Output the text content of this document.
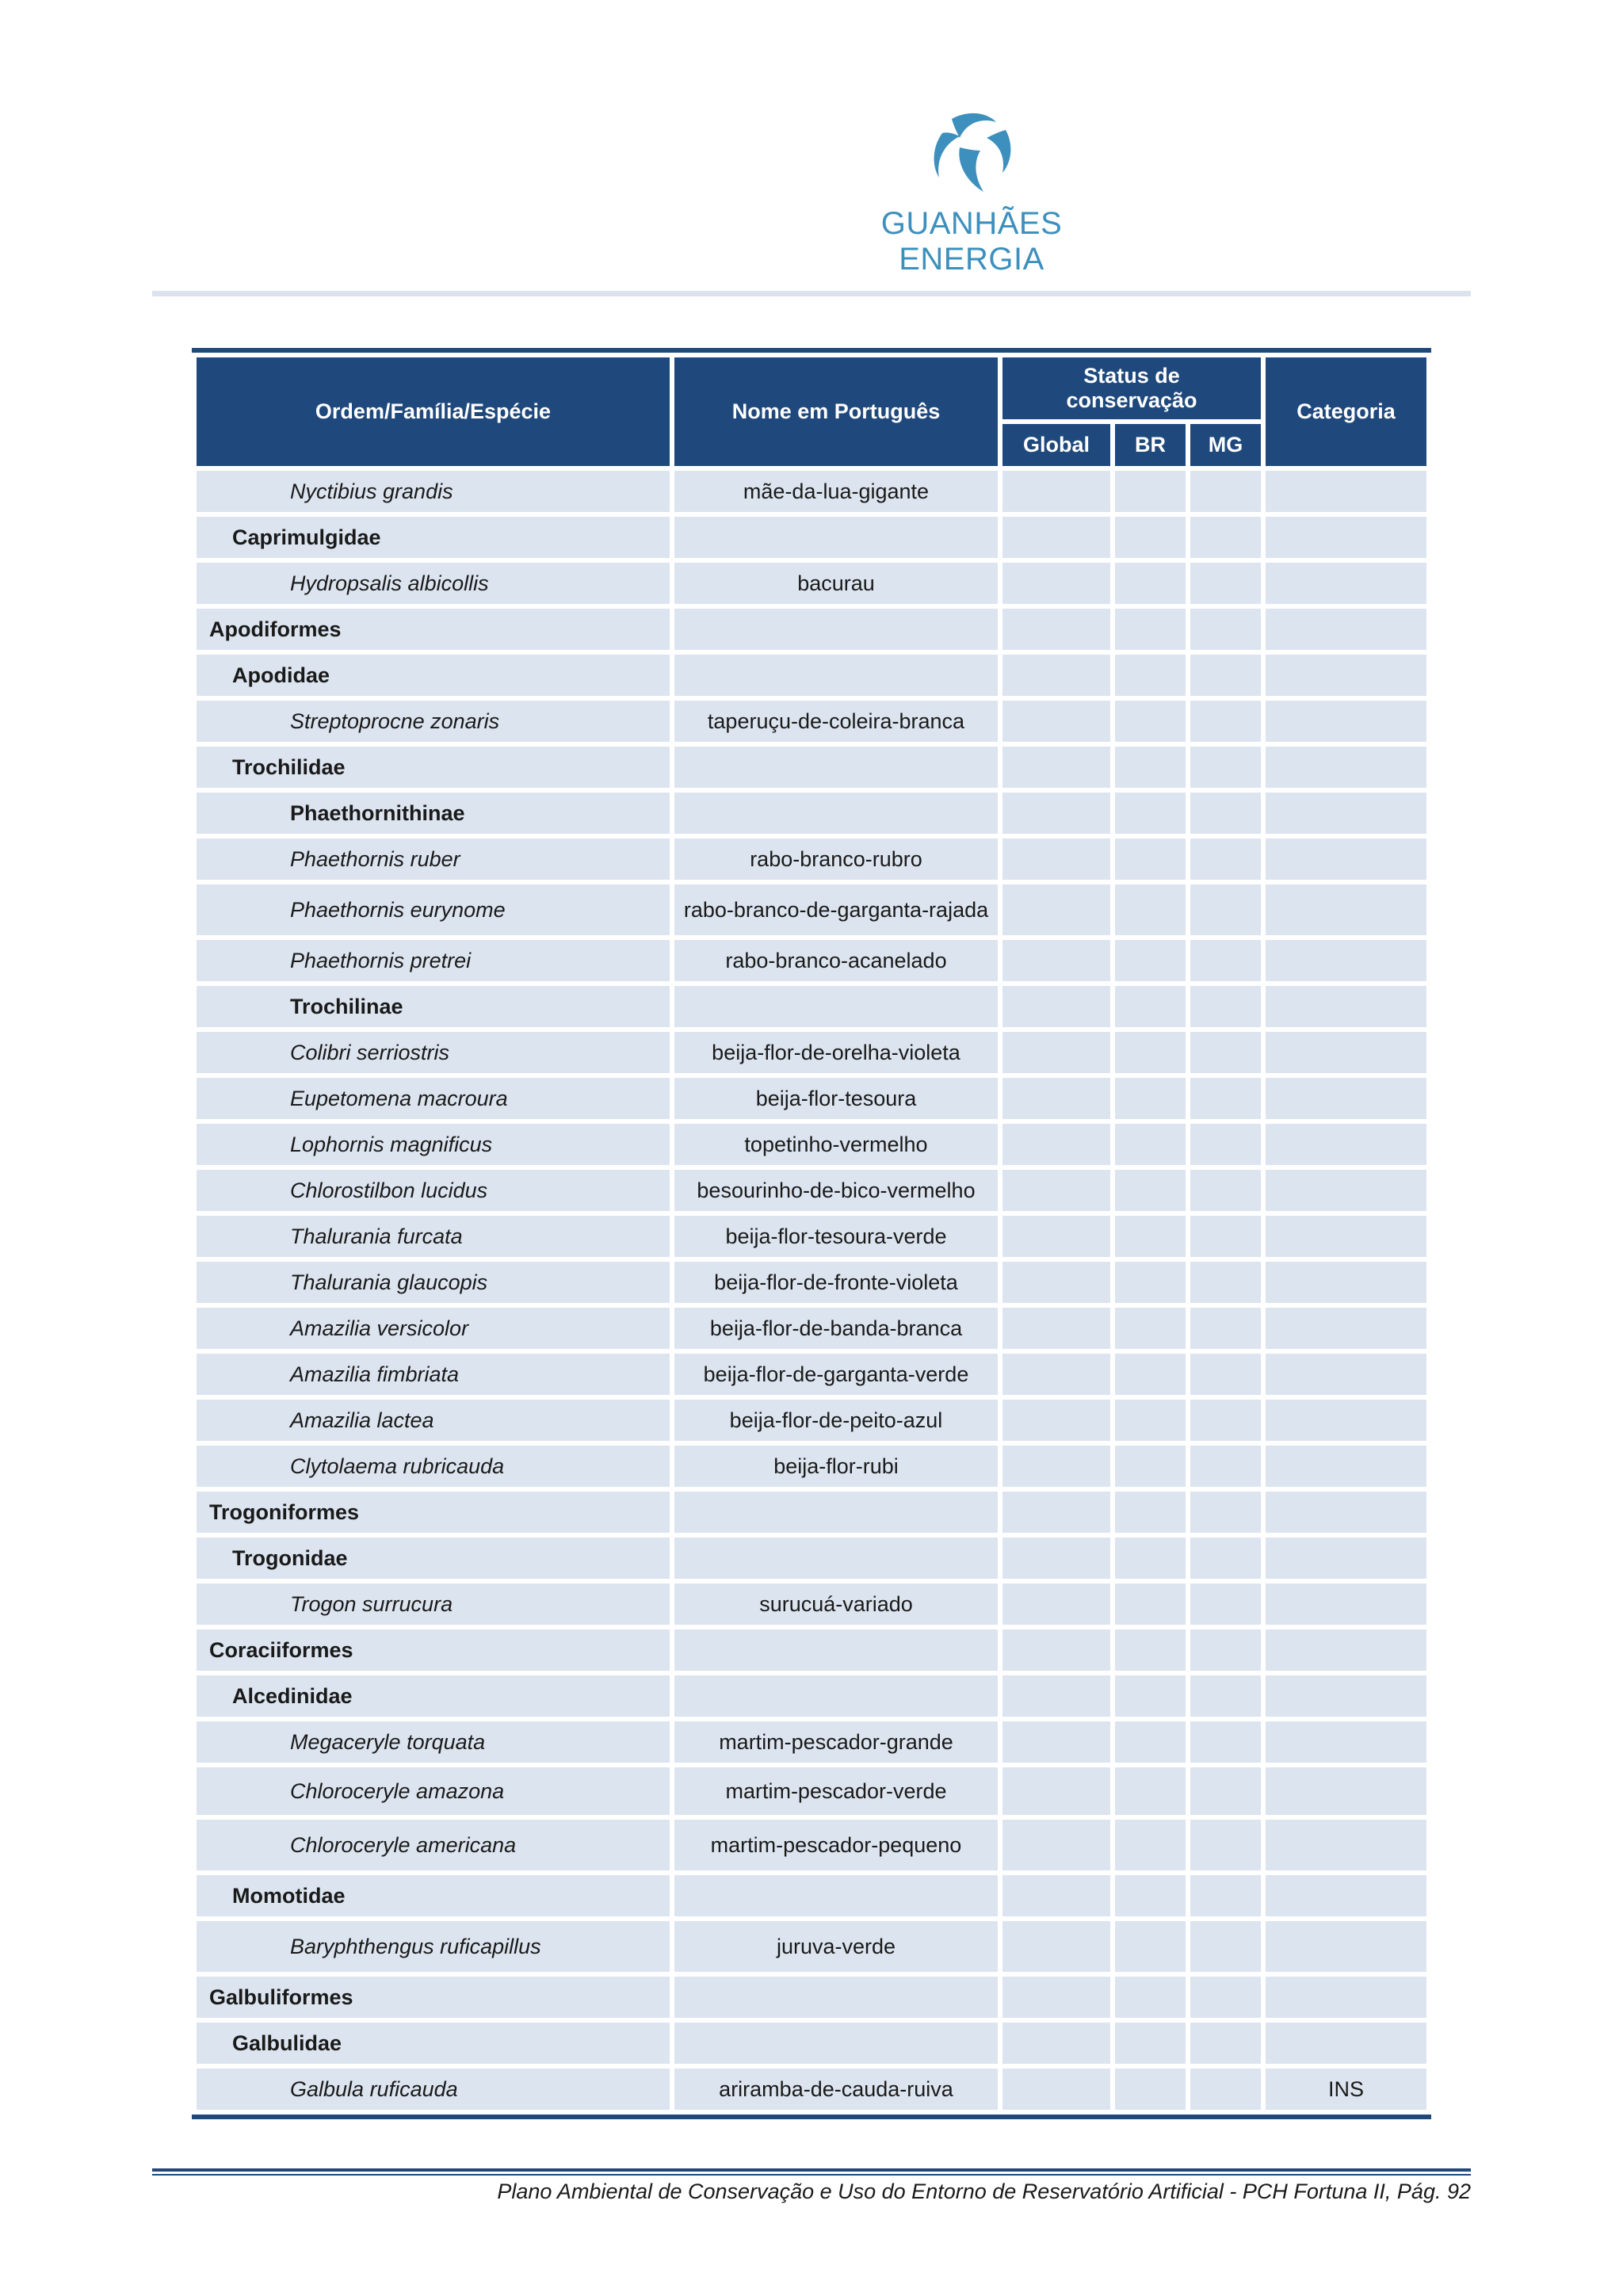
GUANHÃES ENERGIA
Ordem/Família/Espécie	Nome em Português	Status de conservação			Categoria
		Global	BR	MG	
Nyctibius grandis	mãe-da-lua-gigante				
Caprimulgidae					
Hydropsalis albicollis	bacurau				
Apodiformes					
Apodidae					
Streptoprocne zonaris	taperuçu-de-coleira-branca				
Trochilidae					
Phaethornithinae					
Phaethornis ruber	rabo-branco-rubro				
Phaethornis eurynome	rabo-branco-de-garganta-rajada				
Phaethornis pretrei	rabo-branco-acanelado				
Trochilinae					
Colibri serriostris	beija-flor-de-orelha-violeta				
Eupetomena macroura	beija-flor-tesoura				
Lophornis magnificus	topetinho-vermelho				
Chlorostilbon lucidus	besourinho-de-bico-vermelho				
Thalurania furcata	beija-flor-tesoura-verde				
Thalurania glaucopis	beija-flor-de-fronte-violeta				
Amazilia versicolor	beija-flor-de-banda-branca				
Amazilia fimbriata	beija-flor-de-garganta-verde				
Amazilia lactea	beija-flor-de-peito-azul				
Clytolaema rubricauda	beija-flor-rubi				
Trogoniformes					
Trogonidae					
Trogon surrucura	surucuá-variado				
Coraciiformes					
Alcedinidae					
Megaceryle torquata	martim-pescador-grande				
Chloroceryle amazona	martim-pescador-verde				
Chloroceryle americana	martim-pescador-pequeno				
Momotidae					
Baryphthengus ruficapillus	juruva-verde				
Galbuliformes					
Galbulidae					
Galbula ruficauda	ariramba-de-cauda-ruiva				INS
Plano Ambiental de Conservação e Uso do Entorno de Reservatório Artificial - PCH Fortuna II, Pág. 92
